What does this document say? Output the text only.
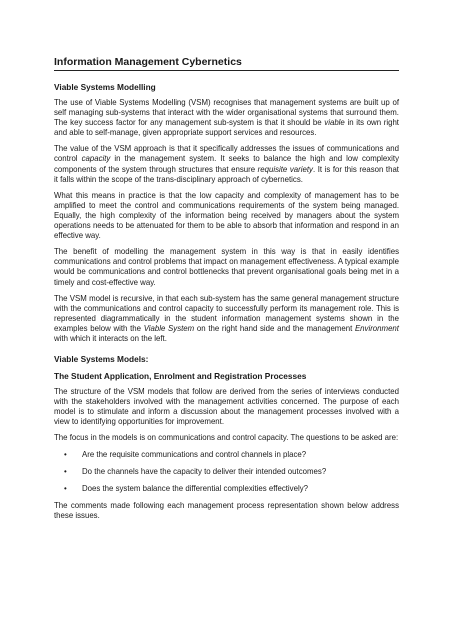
Information Management Cybernetics
Viable Systems Modelling

The use of Viable Systems Modelling (VSM) recognises that management systems are built up of self managing sub-systems that interact with the wider organisational systems that surround them. The key success factor for any management sub-system is that it should be viable in its own right and able to self-manage, given appropriate support services and resources.

The value of the VSM approach is that it specifically addresses the issues of communications and control capacity in the management system. It seeks to balance the high and low complexity components of the system through structures that ensure requisite variety. It is for this reason that it falls within the scope of the trans-disciplinary approach of cybernetics.

What this means in practice is that the low capacity and complexity of management has to be amplified to meet the control and communications requirements of the system being managed. Equally, the high complexity of the information being received by managers about the system operations needs to be attenuated for them to be able to absorb that information and respond in an effective way.

The benefit of modelling the management system in this way is that in easily identifies communications and control problems that impact on management effectiveness. A typical example would be communications and control bottlenecks that prevent organisational goals being met in a timely and cost-effective way.

The VSM model is recursive, in that each sub-system has the same general management structure with the communications and control capacity to successfully perform its management role. This is represented diagrammatically in the student information management systems shown in the examples below with the Viable System on the right hand side and the management Environment with which it interacts on the left.

Viable Systems Models:
The Student Application, Enrolment and Registration Processes

The structure of the VSM models that follow are derived from the series of interviews conducted with the stakeholders involved with the management activities concerned. The purpose of each model is to stimulate and inform a discussion about the management processes involved with a view to identifying opportunities for improvement.

The focus in the models is on communications and control capacity. The questions to be asked are:

• Are the requisite communications and control channels in place?
• Do the channels have the capacity to deliver their intended outcomes?
• Does the system balance the differential complexities effectively?

The comments made following each management process representation shown below address these issues.
